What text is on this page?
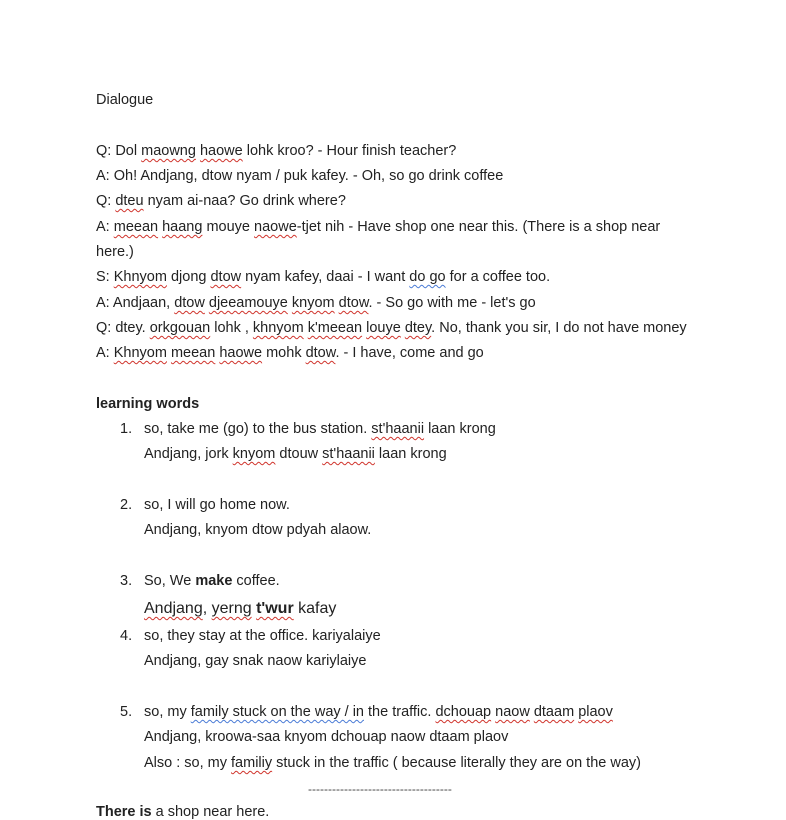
Dialogue
Q: Dol maowng haowe lohk kroo? - Hour finish teacher?
A: Oh! Andjang, dtow nyam / puk kafey. - Oh, so go drink coffee
Q: dteu nyam ai-naa? Go drink where?
A: meean haang mouye naowe-tjet nih - Have shop one near this. (There is a shop near
here.)
S: Khnyom djong dtow nyam kafey, daai - I want do go for a coffee too.
A: Andjaan, dtow djeeamouye knyom dtow. - So go with me - let's go
Q: dtey. orkgouan lohk , khnyom k'meean louye dtey. No, thank you sir, I do not have money
A: Khnyom meean haowe mohk dtow. - I have, come and go
learning words
1. so, take me (go) to the bus station. st'haanii laan krong
Andjang, jork knyom dtouw st'haanii laan krong
2. so, I will go home now.
Andjang, knyom dtow pdyah alaow.
3. So, We make coffee.
Andjang, yerng t'wur kafay
4. so, they stay at the office. kariyalaiye
Andjang, gay snak naow kariylaiye
5. so, my family stuck on the way / in the traffic. dchouap naow dtaam plaov
Andjang, kroowa-saa knyom dchouap naow dtaam plaov
Also : so, my familiy stuck in the traffic ( because literally they are on the way)
------------------------------------
There is a shop near here.
